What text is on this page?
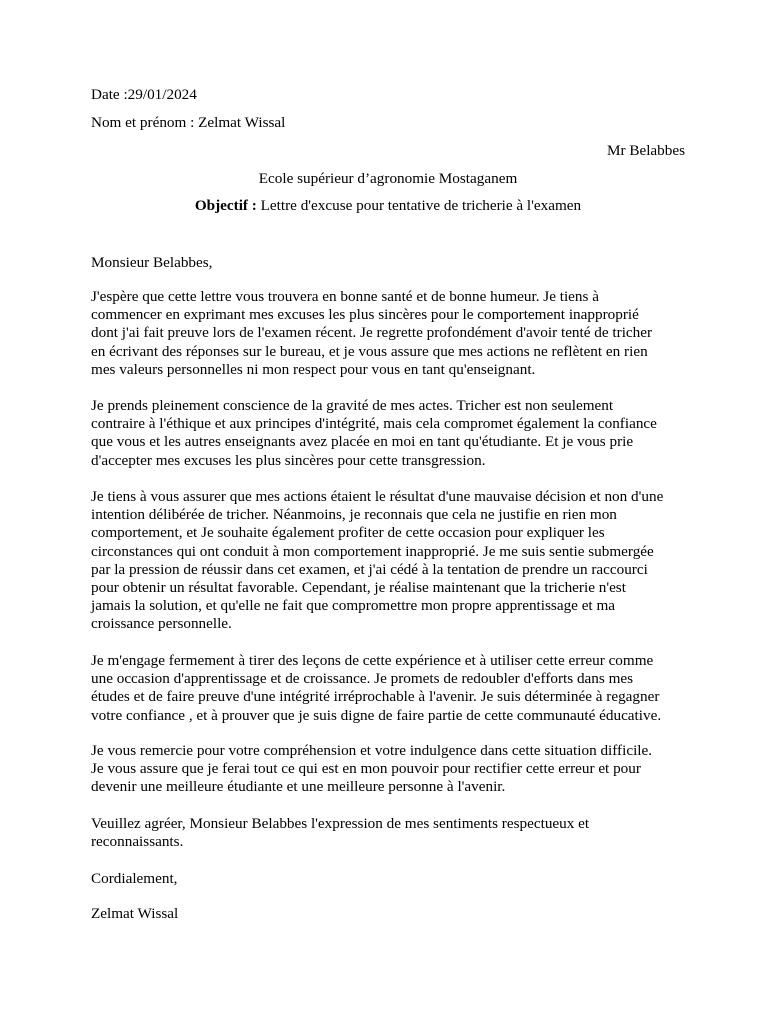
Date :29/01/2024
Nom et prénom : Zelmat Wissal
Mr Belabbes
Ecole supérieur d’agronomie Mostaganem
Objectif : Lettre d'excuse pour tentative de tricherie à l'examen
Monsieur Belabbes,
J'espère que cette lettre vous trouvera en bonne santé et de bonne humeur. Je tiens à
commencer en exprimant mes excuses les plus sincères pour le comportement inapproprié
dont j'ai fait preuve lors de l'examen récent. Je regrette profondément d'avoir tenté de tricher
en écrivant des réponses sur le bureau, et je vous assure que mes actions ne reflètent en rien
mes valeurs personnelles ni mon respect pour vous en tant qu'enseignant.
Je prends pleinement conscience de la gravité de mes actes. Tricher est non seulement
contraire à l'éthique et aux principes d'intégrité, mais cela compromet également la confiance
que vous et les autres enseignants avez placée en moi en tant qu'étudiante. Et je vous prie
d'accepter mes excuses les plus sincères pour cette transgression.
Je tiens à vous assurer que mes actions étaient le résultat d'une mauvaise décision et non d'une
intention délibérée de tricher. Néanmoins, je reconnais que cela ne justifie en rien mon
comportement, et Je souhaite également profiter de cette occasion pour expliquer les
circonstances qui ont conduit à mon comportement inapproprié. Je me suis sentie submergée
par la pression de réussir dans cet examen, et j'ai cédé à la tentation de prendre un raccourci
pour obtenir un résultat favorable. Cependant, je réalise maintenant que la tricherie n'est
jamais la solution, et qu'elle ne fait que compromettre mon propre apprentissage et ma
croissance personnelle.
Je m'engage fermement à tirer des leçons de cette expérience et à utiliser cette erreur comme
une occasion d'apprentissage et de croissance. Je promets de redoubler d'efforts dans mes
études et de faire preuve d'une intégrité irréprochable à l'avenir. Je suis déterminée à regagner
votre confiance , et à prouver que je suis digne de faire partie de cette communauté éducative.
Je vous remercie pour votre compréhension et votre indulgence dans cette situation difficile.
Je vous assure que je ferai tout ce qui est en mon pouvoir pour rectifier cette erreur et pour
devenir une meilleure étudiante et une meilleure personne à l'avenir.
Veuillez agréer, Monsieur Belabbes l'expression de mes sentiments respectueux et
reconnaissants.
Cordialement,
Zelmat Wissal
